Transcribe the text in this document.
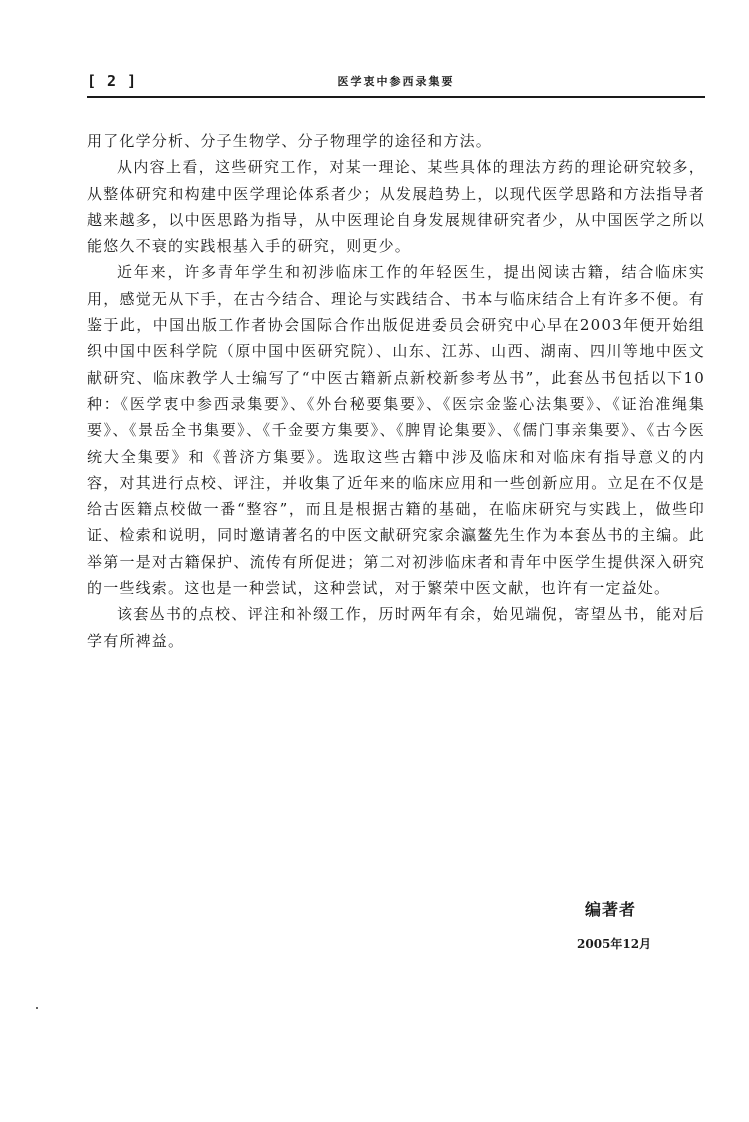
[ 2 ]	医学衷中参西录集要

用了化学分析、分子生物学、分子物理学的途径和方法。

从内容上看，这些研究工作，对某一理论、某些具体的理法方药的理论研究较多，从整体研究和构建中医学理论体系者少；从发展趋势上，以现代医学思路和方法指导者越来越多，以中医思路为指导，从中医理论自身发展规律研究者少，从中国医学之所以能悠久不衰的实践根基入手的研究，则更少。

近年来，许多青年学生和初涉临床工作的年轻医生，提出阅读古籍，结合临床实用，感觉无从下手，在古今结合、理论与实践结合、书本与临床结合上有许多不便。有鉴于此，中国出版工作者协会国际合作出版促进委员会研究中心早在2003年便开始组织中国中医科学院（原中国中医研究院）、山东、江苏、山西、湖南、四川等地中医文献研究、临床教学人士编写了“中医古籍新点新校新参考丛书”，此套丛书包括以下10种：《医学衷中参西录集要》、《外台秘要集要》、《医宗金鉴心法集要》、《证治准绳集要》、《景岳全书集要》、《千金要方集要》、《脾胃论集要》、《儒门事亲集要》、《古今医统大全集要》和《普济方集要》。选取这些古籍中涉及临床和对临床有指导意义的内容，对其进行点校、评注，并收集了近年来的临床应用和一些创新应用。立足在不仅是给古医籍点校做一番“整容”，而且是根据古籍的基础，在临床研究与实践上，做些印证、检索和说明，同时邀请著名的中医文献研究家余瀛鳌先生作为本套丛书的主编。此举第一是对古籍保护、流传有所促进；第二对初涉临床者和青年中医学生提供深入研究的一些线索。这也是一种尝试，这种尝试，对于繁荣中医文献，也许有一定益处。

该套丛书的点校、评注和补缀工作，历时两年有余，始见端倪，寄望丛书，能对后学有所裨益。

编著者
2005年12月
